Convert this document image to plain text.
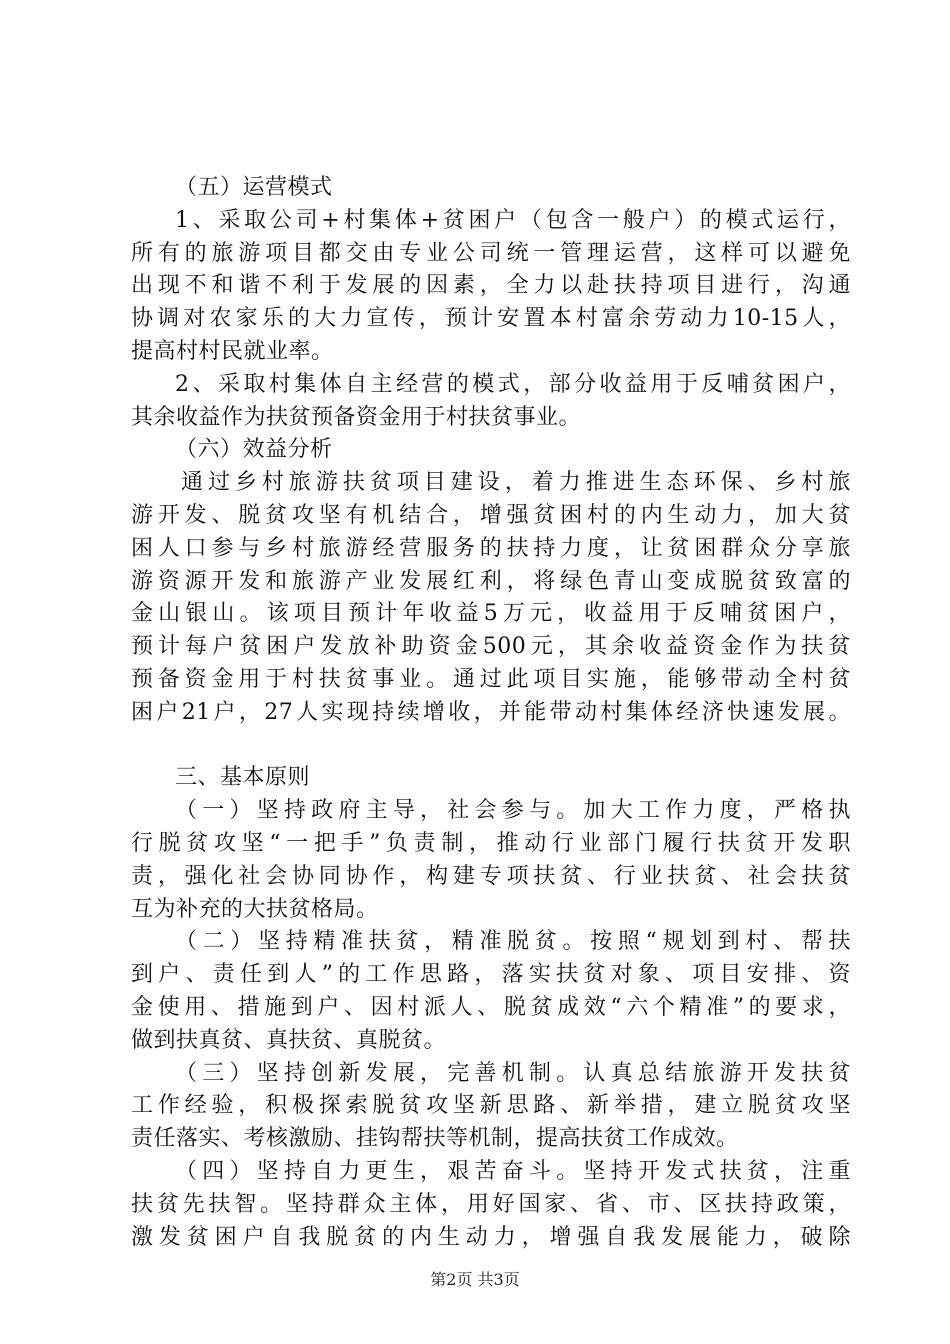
（五）运营模式
1、采取公司+村集体+贫困户（包含一般户）的模式运行，
所有的旅游项目都交由专业公司统一管理运营，这样可以避免
出现不和谐不利于发展的因素，全力以赴扶持项目进行，沟通
协调对农家乐的大力宣传，预计安置本村富余劳动力10-15人，
提高村村民就业率。
2、采取村集体自主经营的模式，部分收益用于反哺贫困户，
其余收益作为扶贫预备资金用于村扶贫事业。
（六）效益分析
通过乡村旅游扶贫项目建设，着力推进生态环保、乡村旅
游开发、脱贫攻坚有机结合，增强贫困村的内生动力，加大贫
困人口参与乡村旅游经营服务的扶持力度，让贫困群众分享旅
游资源开发和旅游产业发展红利，将绿色青山变成脱贫致富的
金山银山。该项目预计年收益5万元，收益用于反哺贫困户，
预计每户贫困户发放补助资金500元，其余收益资金作为扶贫
预备资金用于村扶贫事业。通过此项目实施，能够带动全村贫
困户21户，27人实现持续增收，并能带动村集体经济快速发展。
三、基本原则
（一）坚持政府主导，社会参与。加大工作力度，严格执
行脱贫攻坚“一把手”负责制，推动行业部门履行扶贫开发职
责，强化社会协同协作，构建专项扶贫、行业扶贫、社会扶贫
互为补充的大扶贫格局。
（二）坚持精准扶贫，精准脱贫。按照“规划到村、帮扶
到户、责任到人”的工作思路，落实扶贫对象、项目安排、资
金使用、措施到户、因村派人、脱贫成效“六个精准”的要求，
做到扶真贫、真扶贫、真脱贫。
（三）坚持创新发展，完善机制。认真总结旅游开发扶贫
工作经验，积极探索脱贫攻坚新思路、新举措，建立脱贫攻坚
责任落实、考核激励、挂钩帮扶等机制，提高扶贫工作成效。
（四）坚持自力更生，艰苦奋斗。坚持开发式扶贫，注重
扶贫先扶智。坚持群众主体，用好国家、省、市、区扶持政策，
激发贫困户自我脱贫的内生动力，增强自我发展能力，破除
第2页 共3页
